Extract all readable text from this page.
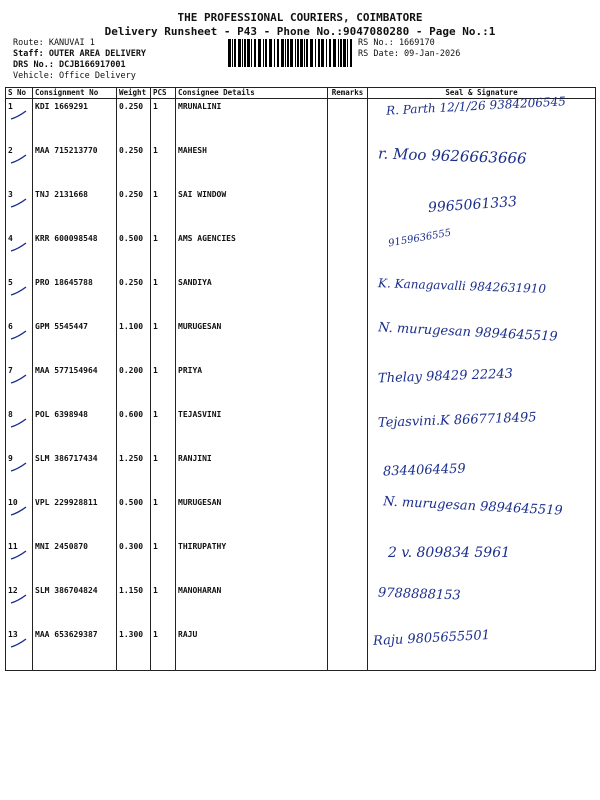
THE PROFESSIONAL COURIERS, COIMBATORE
Delivery Runsheet - P43 - Phone No.:9047080280 - Page No.:1
Route: KANUVAI 1
Staff: OUTER AREA DELIVERY
DRS No.: DCJB166917001
Vehicle: Office Delivery
RS No.: 1669170
RS Date: 09-Jan-2026
S No	Consignment No	Weight	PCS	Consignee Details	Remarks	Seal & Signature
1	KDI 1669291	0.250	1	MRUNALINI		R. Parth 12/1/26 9384206545

2	MAA 715213770	0.250	1	MAHESH		r. Moo 9626663666

3	TNJ 2131668	0.250	1	SAI WINDOW		9965061333

4	KRR 600098548	0.500	1	AMS AGENCIES		9159636555

5	PRO 18645788	0.250	1	SANDIYA		K. Kanagavalli 9842631910

6	GPM 5545447	1.100	1	MURUGESAN		N. murugesan 9894645519

7	MAA 577154964	0.200	1	PRIYA		Thelay 98429 22243

8	POL 6398948	0.600	1	TEJASVINI		Tejasvini.K 8667718495

9	SLM 386717434	1.250	1	RANJINI		8344064459

10	VPL 229928811	0.500	1	MURUGESAN		N. murugesan 9894645519

11	MNI 2450870	0.300	1	THIRUPATHY		2 v. 809834 5961

12	SLM 386704824	1.150	1	MANOHARAN		9788888153

13	MAA 653629387	1.300	1	RAJU		Raju 9805655501
